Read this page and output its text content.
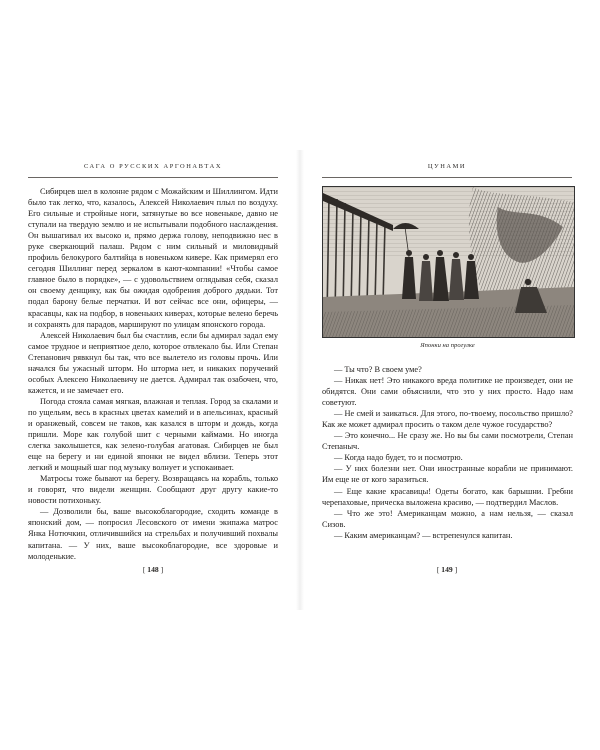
САГА О РУССКИХ АРГОНАВТАХ

Сибирцев шел в колонне рядом с Можайским и Шиллингом. Идти было так легко, что, казалось, Алексей Николаевич плыл по воздуху. Его сильные и стройные ноги, затянутые во все новенькое, давно не ступали на твердую землю и не испытывали подобного наслаждения. Он вышагивал их высоко и, прямо держа голову, неподвижно нес в руке сверкающий палаш. Рядом с ним сильный и миловидный профиль белокурого балтийца в новеньком кивере. Как примерял его сегодня Шиллинг перед зеркалом в кают-компании! «Чтобы самое главное было в порядке», — с удовольствием оглядывая себя, сказал он своему денщику, как бы ожидая одобрения доброго дядьки. Тот подал барону белые перчатки. И вот сейчас все они, офицеры, — красавцы, как на подбор, в новеньких киверах, которые велено беречь и сохранять для парадов, маршируют по улицам японского города.

Алексей Николаевич был бы счастлив, если бы адмирал задал ему самое трудное и неприятное дело, которое отвлекало бы. Или Степан Степанович рявкнул бы так, что все вылетело из головы прочь. Или начался бы ужасный шторм. Но шторма нет, и никаких поручений особых Алексею Николаевичу не дается. Адмирал так озабочен, что, кажется, и не замечает его.

Погода стояла самая мягкая, влажная и теплая. Город за скалами и по ущельям, весь в красных цветах камелий и в апельсинах, красный и оранжевый, совсем не таков, как казался в шторм и дождь, когда пришли. Море как голубой шит с черными каймами. Но иногда слегка заколышется, как зелено-голубая агатовая. Сибирцев не был еще на берегу и ни единой японки не видел вблизи. Теперь этот легкий и мощный шаг под музыку волнует и успокаивает.

Матросы тоже бывают на берегу. Возвращаясь на корабль, только и говорят, что видели женщин. Сообщают друг другу какие-то новости потихоньку.

— Дозволили бы, ваше высокоблагородие, сходить команде в японский дом, — попросил Лесовского от имени экипажа матрос Янка Нотючкин, отличившийся на стрельбах и получивший похвалы капитана. — У них, ваше высокоблагородие, все здоровые и молоденькие.

[ 148 ]
ЦУНАМИ
Японки на прогулке

— Ты что? В своем уме?

— Никак нет! Это никакого вреда политике не произведет, они не обидятся. Они сами объяснили, что это у них просто. Надо нам советуют.

— Не смей и заикаться. Для этого, по-твоему, посольство пришло? Как же может адмирал просить о таком деле чужое государство?

— Это конечно... Не сразу же. Но вы бы сами посмотрели, Степан Степаныч.

— Когда надо будет, то и посмотрю.

— У них болезни нет. Они иностранные корабли не принимают. Им еще не от кого заразиться.

— Еще какие красавицы! Одеты богато, как барышни. Гребни черепаховые, прическа выложена красиво, — подтвердил Маслов.

— Что же это! Американцам можно, а нам нельзя, — сказал Сизов.

— Каким американцам? — встрепенулся капитан.

[ 149 ]
